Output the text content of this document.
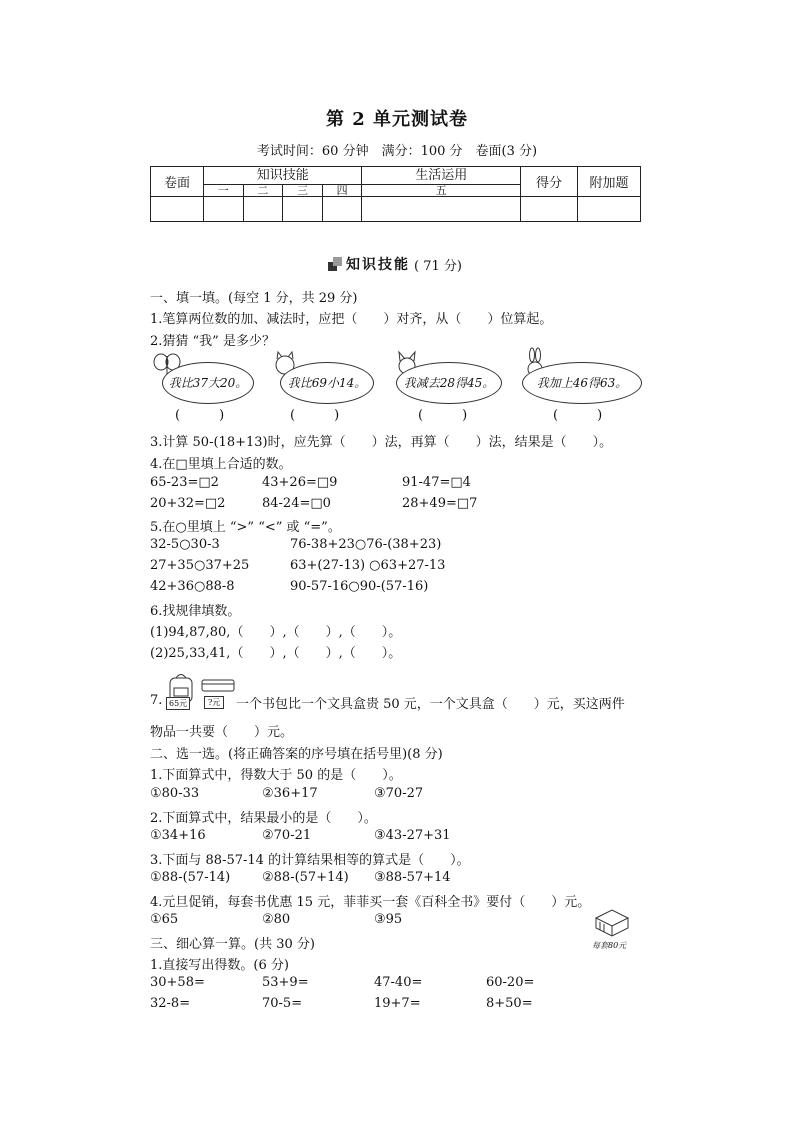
第 2 单元测试卷
考试时间：60 分钟　满分：100 分　卷面(3 分)
卷面	知识技能				生活运用	得分	附加题
	一	二	三	四	五		

知识技能 ( 71 分)
一、填一填。(每空 1 分，共 29 分)
1.笔算两位数的加、减法时，应把（　　）对齐，从（　　）位算起。
2.猜猜 “我” 是多少？
我比37大20。	我比69小14。	我减去28得45。	我加上46得63。
(　　　)	(　　　)	(　　　)	(　　　)
3.计算 50-(18+13)时，应先算（　　）法，再算（　　）法，结果是（　　）。
4.在□里填上合适的数。
65-23=□2	43+26=□9	91-47=□4
20+32=□2	84-24=□0	28+49=□7
5.在○里填上 “>” “<” 或 “=”。
32-5○30-3	76-38+23○76-(38+23)
27+35○37+25	63+(27-13) ○63+27-13
42+36○88-8	90-57-16○90-(57-16)
6.找规律填数。
(1)94,87,80,（　　）,（　　）,（　　）。
(2)25,33,41,（　　）,（　　）,（　　）。
7. 65元	?元	一个书包比一个文具盒贵 50 元，一个文具盒（　　）元，买这两件
物品一共要（　　）元。
二、选一选。(将正确答案的序号填在括号里)(8 分)
1.下面算式中，得数大于 50 的是（　　）。
①80-33	②36+17	③70-27
2.下面算式中，结果最小的是（　　）。
①34+16	②70-21	③43-27+31
3.下面与 88-57-14 的计算结果相等的算式是（　　）。
①88-(57-14) ②88-(57+14) ③88-57+14
4.元旦促销，每套书优惠 15 元，菲菲买一套《百科全书》要付（　　）元。
①65	②80	③95
每套80元
三、细心算一算。(共 30 分)
1.直接写出得数。(6 分)
30+58=	53+9=	47-40=	60-20=
32-8=	70-5=	19+7=	8+50=
